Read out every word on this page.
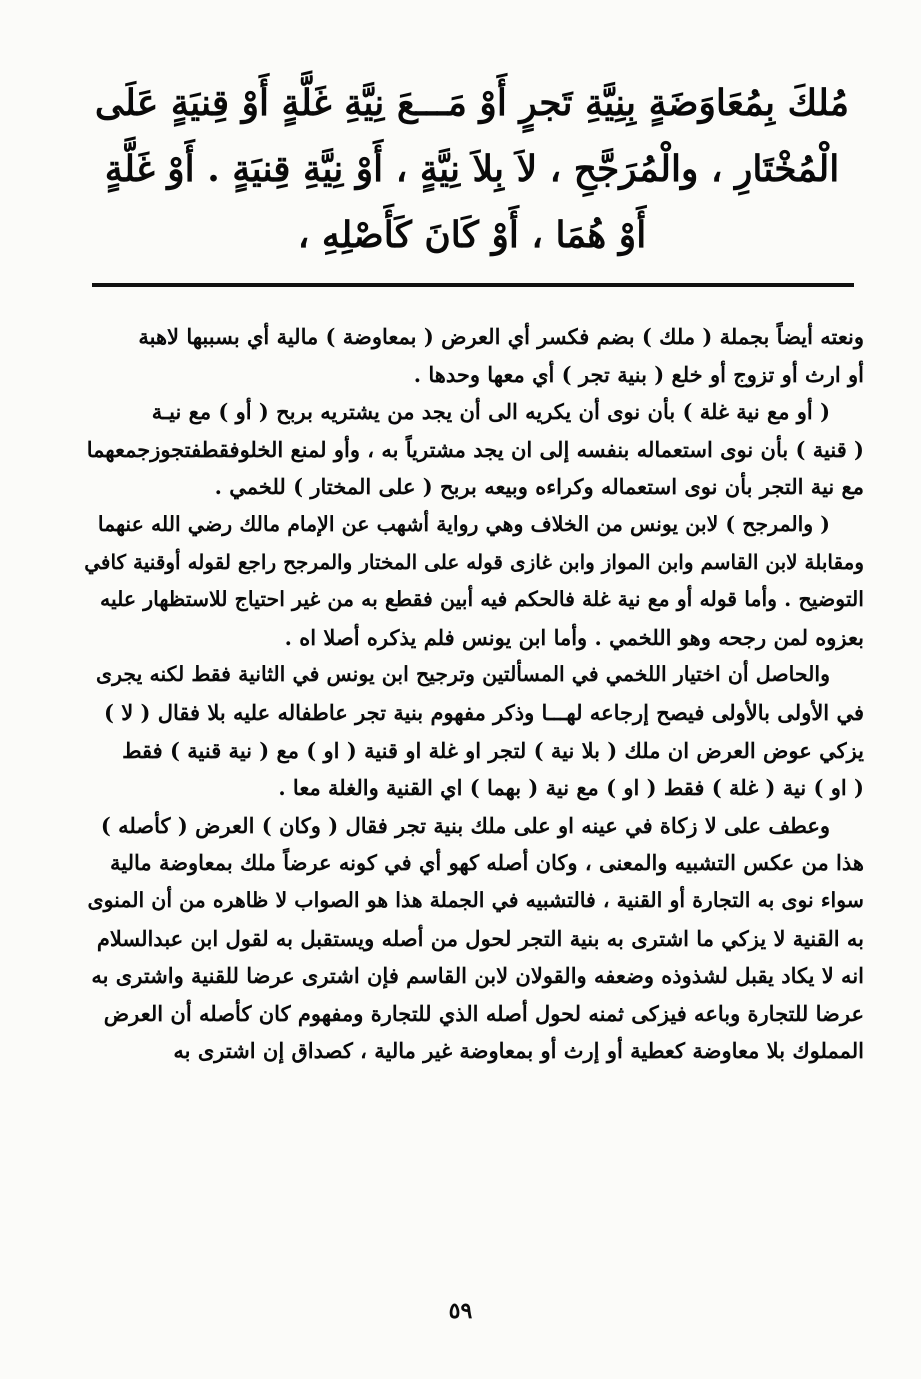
مُلكَ بِمُعَاوَضَةٍ بِنِيَّةِ تَجرٍ أَوْ مَـــعَ نِيَّةِ غَلَّةٍ أَوْ قِنيَةٍ عَلَى
الْمُخْتَارِ ، والْمُرَجَّحِ ، لاَ بِلاَ نِيَّةٍ ، أَوْ نِيَّةِ قِنيَةٍ . أَوْ غَلَّةٍ
أَوْ هُمَا ، أَوْ كَانَ كَأَصْلِهِ ،
ونعته أيضاً بجملة ( ملك ) بضم فكسر أي العرض ( بمعاوضة ) مالية أي بسببها لاهبة
أو ارث أو تزوج أو خلع ( بنية تجر ) أي معها وحدها .
( أو مع نية غلة ) بأن نوى أن يكريه الى أن يجد من يشتريه بربح ( أو ) مع نيـة
( قنية ) بأن نوى استعماله بنفسه إلى ان يجد مشترياً به ، وأو لمنع الخلوفقطفتجوزجمعهما
مع نية التجر بأن نوى استعماله وكراءه وبيعه بربح ( على المختار ) للخمي .
( والمرجح ) لابن يونس من الخلاف وهي رواية أشهب عن الإمام مالك رضي الله عنهما
ومقابلة لابن القاسم وابن المواز وابن غازى قوله على المختار والمرجح راجع لقوله أوقنية كافي
التوضيح . وأما قوله أو مع نية غلة فالحكم فيه أبين فقطع به من غير احتياج للاستظهار عليه
بعزوه لمن رجحه وهو اللخمي . وأما ابن يونس فلم يذكره أصلا اه .
والحاصل أن اختيار اللخمي في المسألتين وترجيح ابن يونس في الثانية فقط لكنه يجرى
في الأولى بالأولى فيصح إرجاعه لهـــا وذكر مفهوم بنية تجر عاطفاله عليه بلا فقال ( لا )
يزكي عوض العرض ان ملك ( بلا نية ) لتجر او غلة او قنية ( او ) مع ( نية قنية ) فقط
( او ) نية ( غلة ) فقط ( او ) مع نية ( بهما ) اي القنية والغلة معا .
وعطف على لا زكاة في عينه او على ملك بنية تجر فقال ( وكان ) العرض ( كأصله )
هذا من عكس التشبيه والمعنى ، وكان أصله كهو أي في كونه عرضاً ملك بمعاوضة مالية
سواء نوى به التجارة أو القنية ، فالتشبيه في الجملة هذا هو الصواب لا ظاهره من أن المنوى
به القنية لا يزكي ما اشترى به بنية التجر لحول من أصله ويستقبل به لقول ابن عبدالسلام
انه لا يكاد يقبل لشذوذه وضعفه والقولان لابن القاسم فإن اشترى عرضا للقنية واشترى به
عرضا للتجارة وباعه فيزكى ثمنه لحول أصله الذي للتجارة ومفهوم كان كأصله أن العرض
المملوك بلا معاوضة كعطية أو إرث أو بمعاوضة غير مالية ، كصداق إن اشترى به
٥٩
